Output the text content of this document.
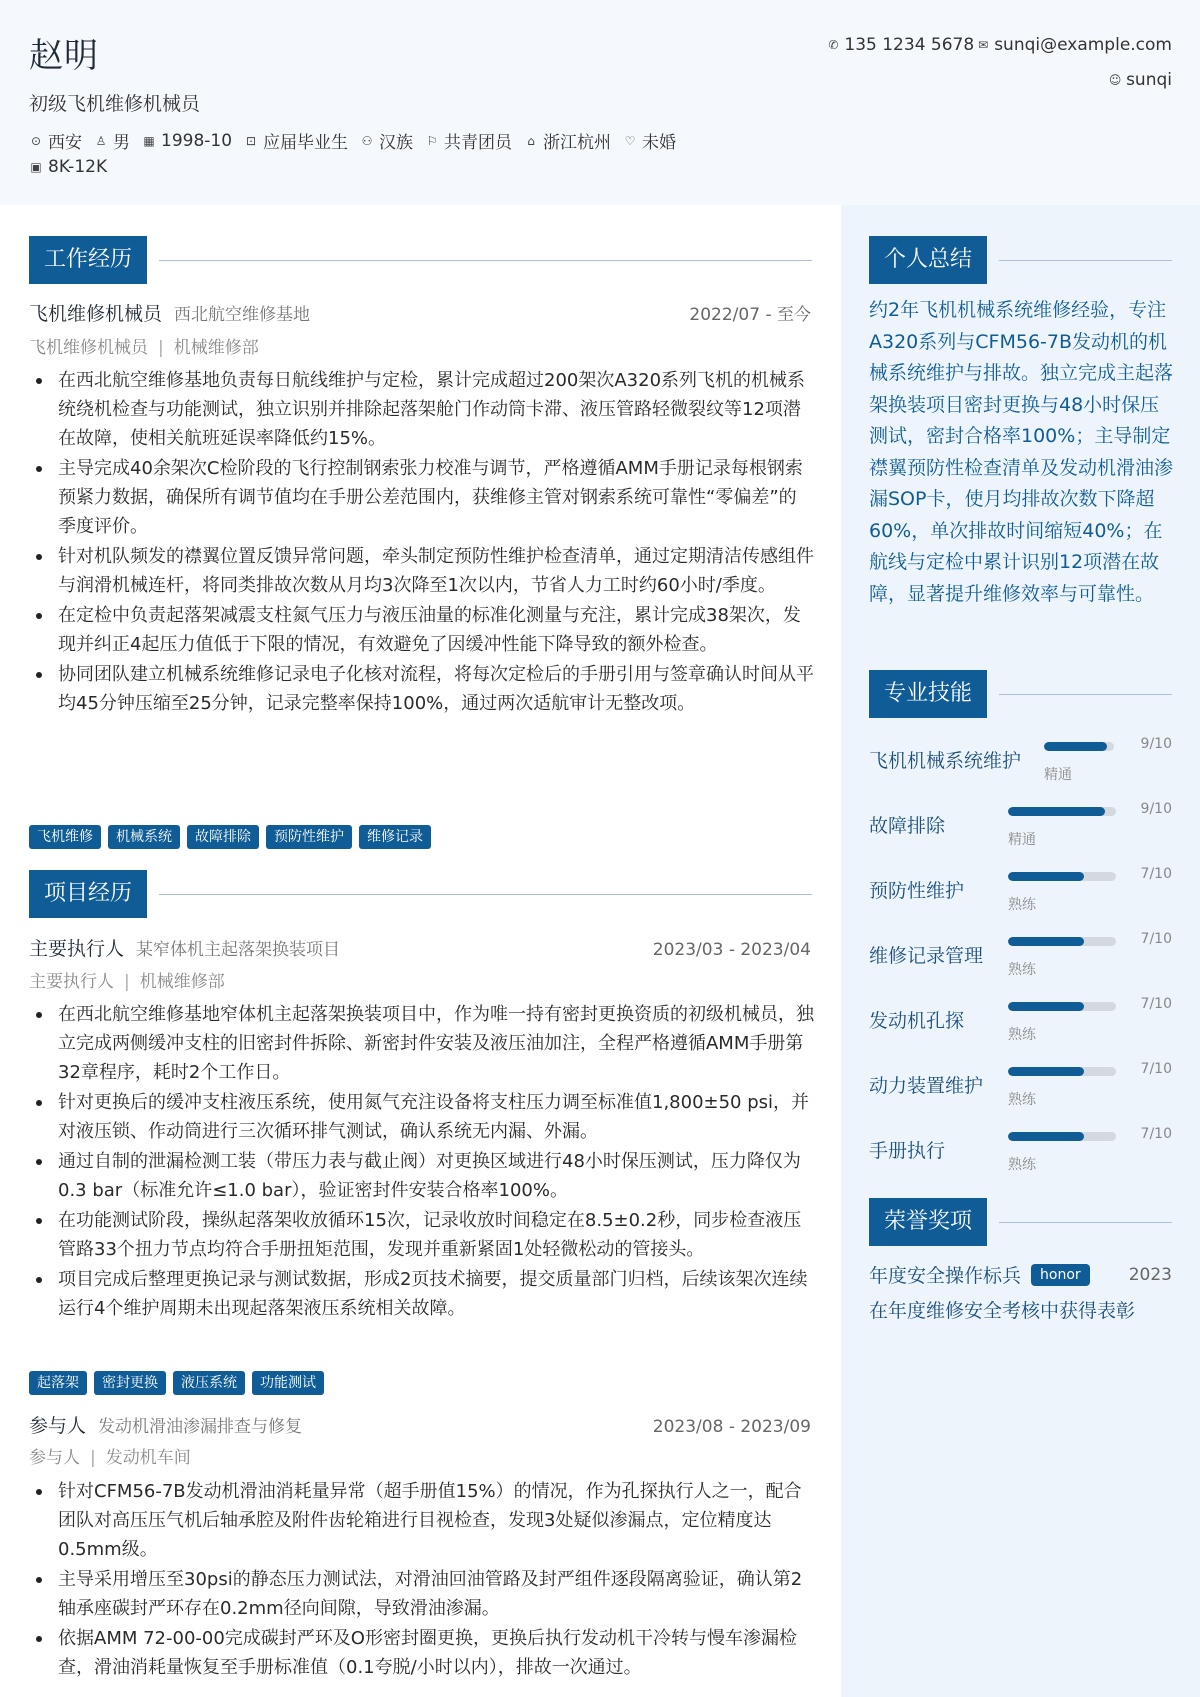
赵明
初级飞机维修机械员
⊙ 西安 ♙ 男 ▦ 1998-10 ⊡ 应届毕业生 ⚇ 汉族 ⚐ 共青团员 ⌂ 浙江杭州 ♡ 未婚
▣ 8K-12K
✆ 135 1234 5678 ✉ sunqi@example.com
☺ sunqi
工作经历
飞机维修机械员 西北航空维修基地	2022/07 - 至今
飞机维修机械员 | 机械维修部
在西北航空维修基地负责每日航线维护与定检，累计完成超过200架次A320系列飞机的机械系统绕机检查与功能测试，独立识别并排除起落架舱门作动筒卡滞、液压管路轻微裂纹等12项潜在故障，使相关航班延误率降低约15%。
主导完成40余架次C检阶段的飞行控制钢索张力校准与调节，严格遵循AMM手册记录每根钢索预紧力数据，确保所有调节值均在手册公差范围内，获维修主管对钢索系统可靠性“零偏差”的季度评价。
针对机队频发的襟翼位置反馈异常问题，牵头制定预防性维护检查清单，通过定期清洁传感组件与润滑机械连杆，将同类排故次数从月均3次降至1次以内，节省人力工时约60小时/季度。
在定检中负责起落架减震支柱氮气压力与液压油量的标准化测量与充注，累计完成38架次，发现并纠正4起压力值低于下限的情况，有效避免了因缓冲性能下降导致的额外检查。
协同团队建立机械系统维修记录电子化核对流程，将每次定检后的手册引用与签章确认时间从平均45分钟压缩至25分钟，记录完整率保持100%，通过两次适航审计无整改项。
飞机维修	机械系统	故障排除	预防性维护	维修记录
项目经历
主要执行人 某窄体机主起落架换装项目	2023/03 - 2023/04
主要执行人 | 机械维修部
在西北航空维修基地窄体机主起落架换装项目中，作为唯一持有密封更换资质的初级机械员，独立完成两侧缓冲支柱的旧密封件拆除、新密封件安装及液压油加注，全程严格遵循AMM手册第32章程序，耗时2个工作日。
针对更换后的缓冲支柱液压系统，使用氮气充注设备将支柱压力调至标准值1,800±50 psi，并对液压锁、作动筒进行三次循环排气测试，确认系统无内漏、外漏。
通过自制的泄漏检测工装（带压力表与截止阀）对更换区域进行48小时保压测试，压力降仅为0.3 bar（标准允许≤1.0 bar），验证密封件安装合格率100%。
在功能测试阶段，操纵起落架收放循环15次，记录收放时间稳定在8.5±0.2秒，同步检查液压管路33个扭力节点均符合手册扭矩范围，发现并重新紧固1处轻微松动的管接头。
项目完成后整理更换记录与测试数据，形成2页技术摘要，提交质量部门归档，后续该架次连续运行4个维护周期未出现起落架液压系统相关故障。
起落架	密封更换	液压系统	功能测试
参与人 发动机滑油渗漏排查与修复	2023/08 - 2023/09
参与人 | 发动机车间
针对CFM56-7B发动机滑油消耗量异常（超手册值15%）的情况，作为孔探执行人之一，配合团队对高压压气机后轴承腔及附件齿轮箱进行目视检查，发现3处疑似渗漏点，定位精度达0.5mm级。
主导采用增压至30psi的静态压力测试法，对滑油回油管路及封严组件逐段隔离验证，确认第2轴承座碳封严环存在0.2mm径向间隙，导致滑油渗漏。
依据AMM 72-00-00完成碳封严环及O形密封圈更换，更换后执行发动机干冷转与慢车渗漏检查，滑油消耗量恢复至手册标准值（0.1夸脱/小时以内），排故一次通过。
个人总结
约2年飞机机械系统维修经验，专注A320系列与CFM56-7B发动机的机械系统维护与排故。独立完成主起落架换装项目密封更换与48小时保压测试，密封合格率100%；主导制定襟翼预防性检查清单及发动机滑油渗漏SOP卡，使月均排故次数下降超60%，单次排故时间缩短40%；在航线与定检中累计识别12项潜在故障，显著提升维修效率与可靠性。
专业技能
飞机机械系统维护
精通
9/10
故障排除
精通
9/10
预防性维护
熟练
7/10
维修记录管理
熟练
7/10
发动机孔探
熟练
7/10
动力装置维护
熟练
7/10
手册执行
熟练
7/10
荣誉奖项
年度安全操作标兵	honor	2023
在年度维修安全考核中获得表彰
